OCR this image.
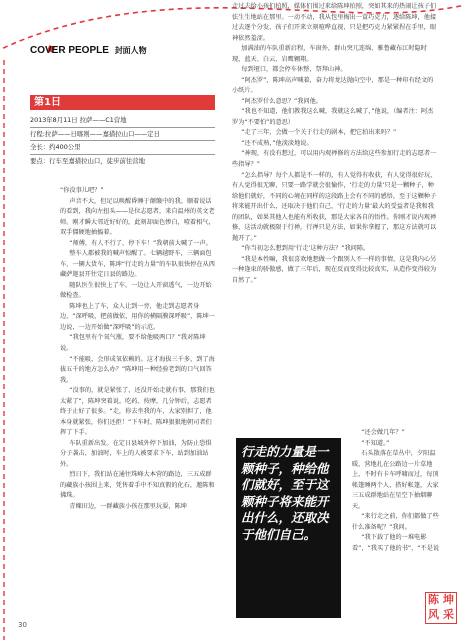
COVER PEOPLE 封面人物
第1日
2013年8月11日 拉萨——C1营地
行程:拉萨——日喀则——嘉措拉山口——定日
全长：约400公里
要点：行车至嘉措拉山口，徒步前往营地

“你没事儿吧？”

声音不大，但足以唤醒昏睡于颠簸中的我。顺着说话的看到，我向左扭头——是位志愿者，来自温州的英文老师。刚才瞬大邻近好好的，此刻却面色惨白，噎着相气，双手僵硬地抽搐着。

“师傅，有人不行了，停下车！”我朝前大喊了一声。

整车人都被我的喊声惊醒了。七辆越野车，三辆面包车，一辆大货车，陈坤“行走的力量”的车队很快停在从西藏萨迦县开往定日县的路边。

随队医生很快上了车，一边让人开窗透气，一边开始做检查。

陈坤也上了车，众人让到一旁，他走到志愿者身边，“深呼吸，把前做依，用你的横隔膜深呼吸”，陈坤一边说，一边开始做“深呼吸”的示范。

“我包里有个氧气瓶，要不给他吸两口？”我对陈坤说。

“不能吸，会形成氧依赖的。这才海拔三千多，到了海拔五千的地方怎么办？”陈坤用一种经验老到的口气回答我。

“没事的，就是紧张了，还没开始走就有事，那我们也太紧了”，陈坤突着说。吃药、按摩，几分钟后，志愿者终于止好了很多。“走，你去坐我的车，大家别担了，他本身就紧张，你们还拒！”下车时，陈坤狠狠地朝司者们挥了下手。

车队重新出发。在定日县城外停下加油，为防止恐惧分子袭击，加油时，车上的人被要求下车，站到加油站外。

烈日下，我们站在通往珠峰大本营的路边，三五成群的藏族小孩围上来，凭售着手中不知真假的化石，邀陈和佛珠。

青稞田边，一群藏族小孩在那里玩耍，陈坤

走过去给小孩们拍照，媒体们围过来给陈坤拍照，突如其来的热闹让孩子们怯生生地站在那里。一动不动，我从包里掏出一盒巧克力，逐给陈坤，他接过去逐个分发，孩子们开来立刻喧哗直视，只是把巧克力紧紧捏在手里，眼神依然羞涩。

加满油的车队重新启程，车窗外，群山突兀连绵，雅鲁藏布江时隐时现，蓝天、白云，岩鹰翱翔。

每到垭口，都会停车休整，祭拜山神。

“阿杰罗”，陈坤高声喊着，奋力将龙达抛向空中，那是一种印有经文的小纸片。

“阿杰罗什么意思？”我问他。

“我也不知道，他们教我这么喊，我就这么喊了，”他说，（编者注：阿杰罗为“不要怕”的意思）

“走了三年，会做一个关于行走的剧本，把它拍出来吗？”

“还不成熟，”他淡淡地说。

“神现，有没有想过，可以用内观禅修的方法给这些参加行走的志愿者一些指导？”

“怎么指导？每个人都是不一样的，有人觉得有收获，有人觉得很好玩，有人觉得很无聊，只要一路学就会很愉作，‘行走的力量’只是一颗种子，种给他们就好，不同的心境在同样的这段路上会有不同的感悟，至于这颗种子将来能开出什么，还取决于他们自己，‘行走的力量’最大的受益者是我和我的团队，如果其他人也能有所收获，那是大家各自的悟性。你刚才说内观禅修，这活动就极限于行禅，行禅只是方法，如果你拿握了，那这方法就可以抛开了。”

“你当初怎么想到用‘行走’这种方法？”我问陈。

“我是本性嘛，我很喜欢地想做一个跟别人不一样的事情，这是我内心另一种逢束的骄傲感，做了三年后，现在反而变得比较真实，从造作变得较为自然了。”

“还会做几年？”

“不知道。”

石头散落在草丛中，夕阳温暖，营地扎在公路边一片草地上，不时有卡车呼啸而过，每顶帐篷睡两个人，搭好帐篷，大家三五成群地站在星空下抽烟聊天。

“来行走之前，你们都做了些什么准备呢？”我问。

“我下载了他的一堆电影看”，“我买了他的书”，“不是说

行走的力量是一颗种子，种给他们就好，至于这颗种子将来能开出什么，还取决于他们自己。
陈 坤
风 采
30
